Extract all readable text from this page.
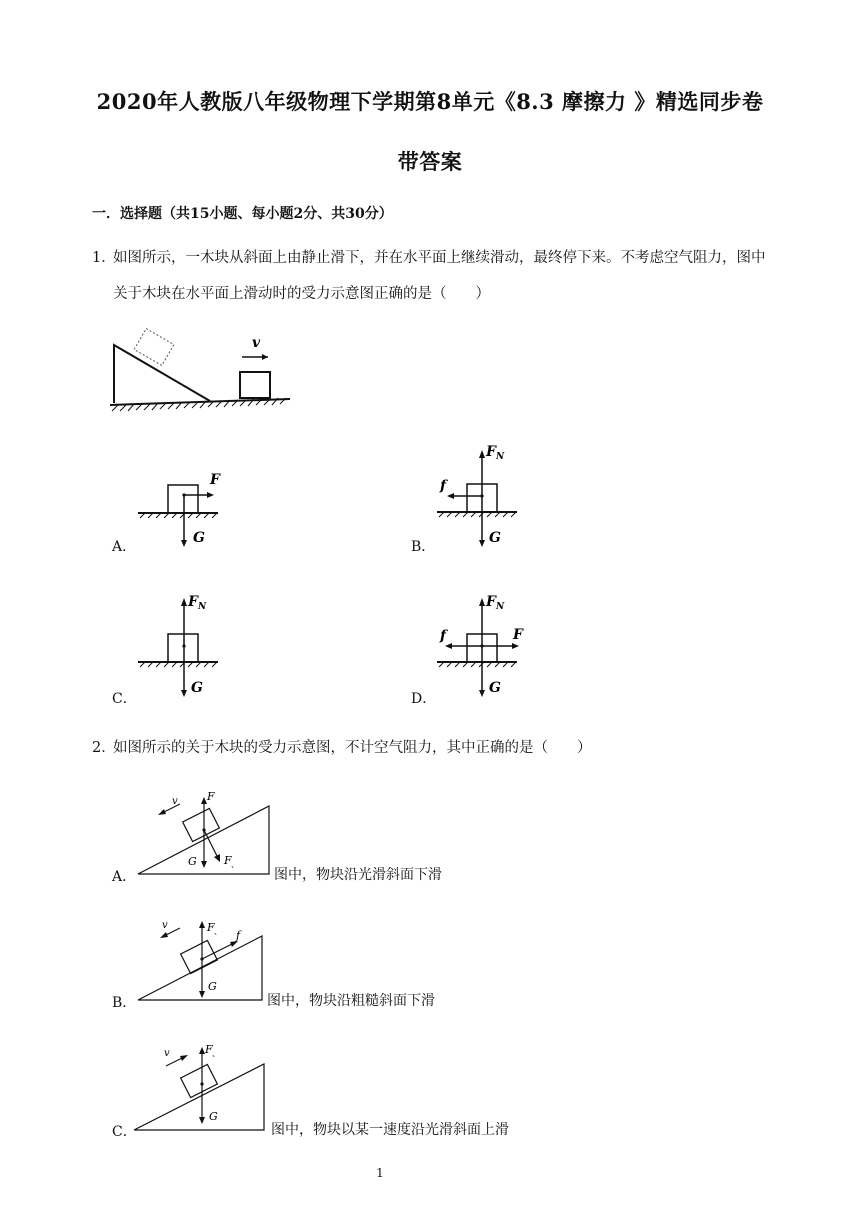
2020年人教版八年级物理下学期第8单元《8.3 摩擦力 》精选同步卷
带答案
一．选择题（共15小题、每小题2分、共30分）
1．
如图所示，一木块从斜面上由静止滑下，并在水平面上继续滑动，最终停下来。不考虑空气阻力，图中
关于木块在水平面上滑动时的受力示意图正确的是（　　）
v
F
G
A．
F N
f
G
B．
F N
G
C．
F N
f	F
G
D．
2．
如图所示的关于木块的受力示意图，不计空气阻力，其中正确的是（　　）
v	F
G F 、
A．	图中，物块沿光滑斜面下滑
v	F 、 f
G
B．	图中，物块沿粗糙斜面下滑
v	F 、
G
C．	图中，物块以某一速度沿光滑斜面上滑
1
